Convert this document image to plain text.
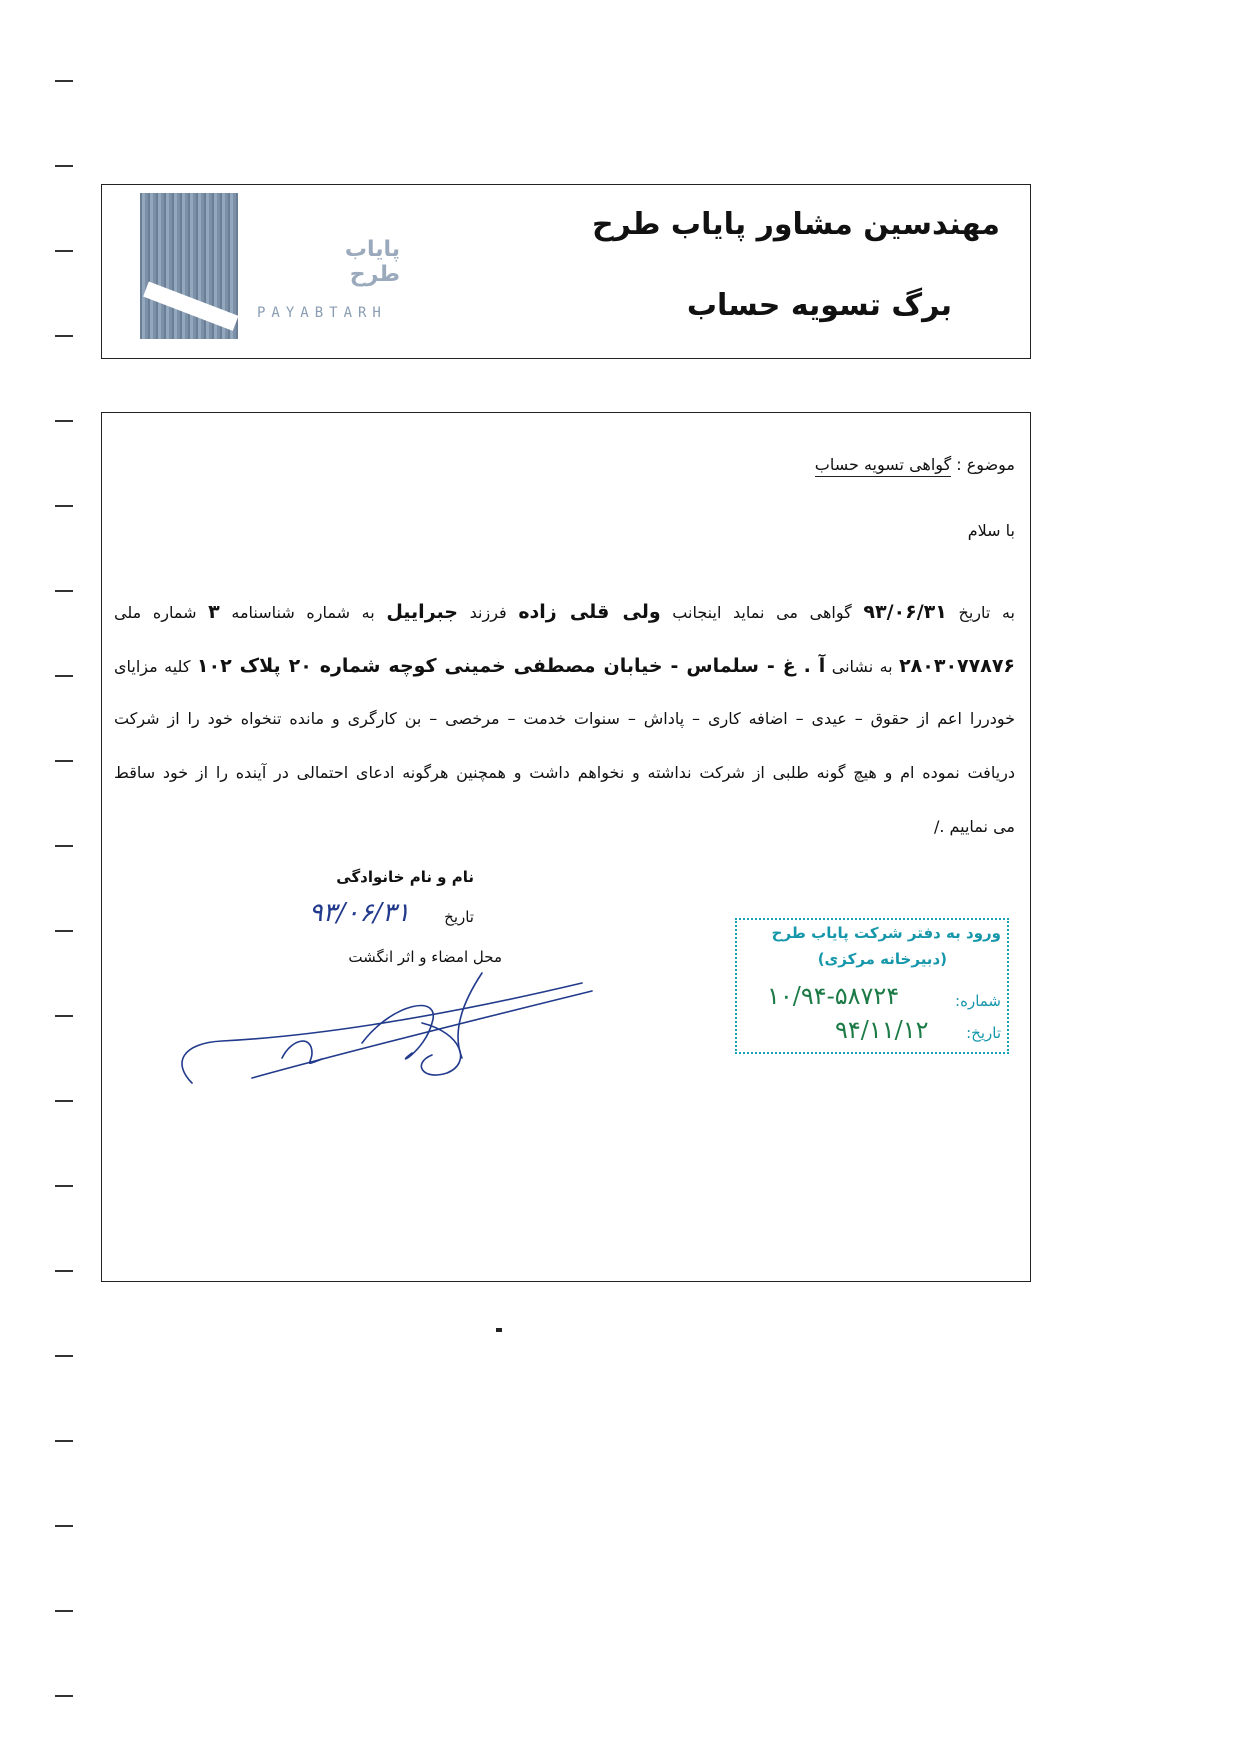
مهندسین مشاور پایاب طرح
برگ تسویه حساب
پایاب طرح
PAYABTARH
موضوع : گواهی تسویه حساب
با سلام
به تاریخ ۹۳/۰۶/۳۱ گواهی می نماید اینجانب ولی قلی زاده فرزند جبراییل به شماره شناسنامه ۳ شماره ملی
۲۸۰۳۰۷۷۸۷۶ به نشانی آ . غ - سلماس - خیابان مصطفی خمینی کوچه شماره ۲۰ پلاک ۱۰۲ کلیه مزایای
خودررا اعم از حقوق – عیدی – اضافه کاری – پاداش – سنوات خدمت – مرخصی – بن کارگری و مانده تنخواه خود را از شرکت
دریافت نموده ام و هیچ گونه طلبی از شرکت نداشته و نخواهم داشت و همچنین هرگونه ادعای احتمالی در آینده را از خود ساقط
می نماییم ./
نام و نام خانوادگی
تاریخ
۹۳/۰۶/۳۱
محل امضاء و اثر انگشت
ورود به دفتر شرکت پایاب طرح
(دبیرخانه مرکزی)
شماره:
۱۰/۹۴-۵۸۷۲۴
تاریخ:
۹۴/۱۱/۱۲
